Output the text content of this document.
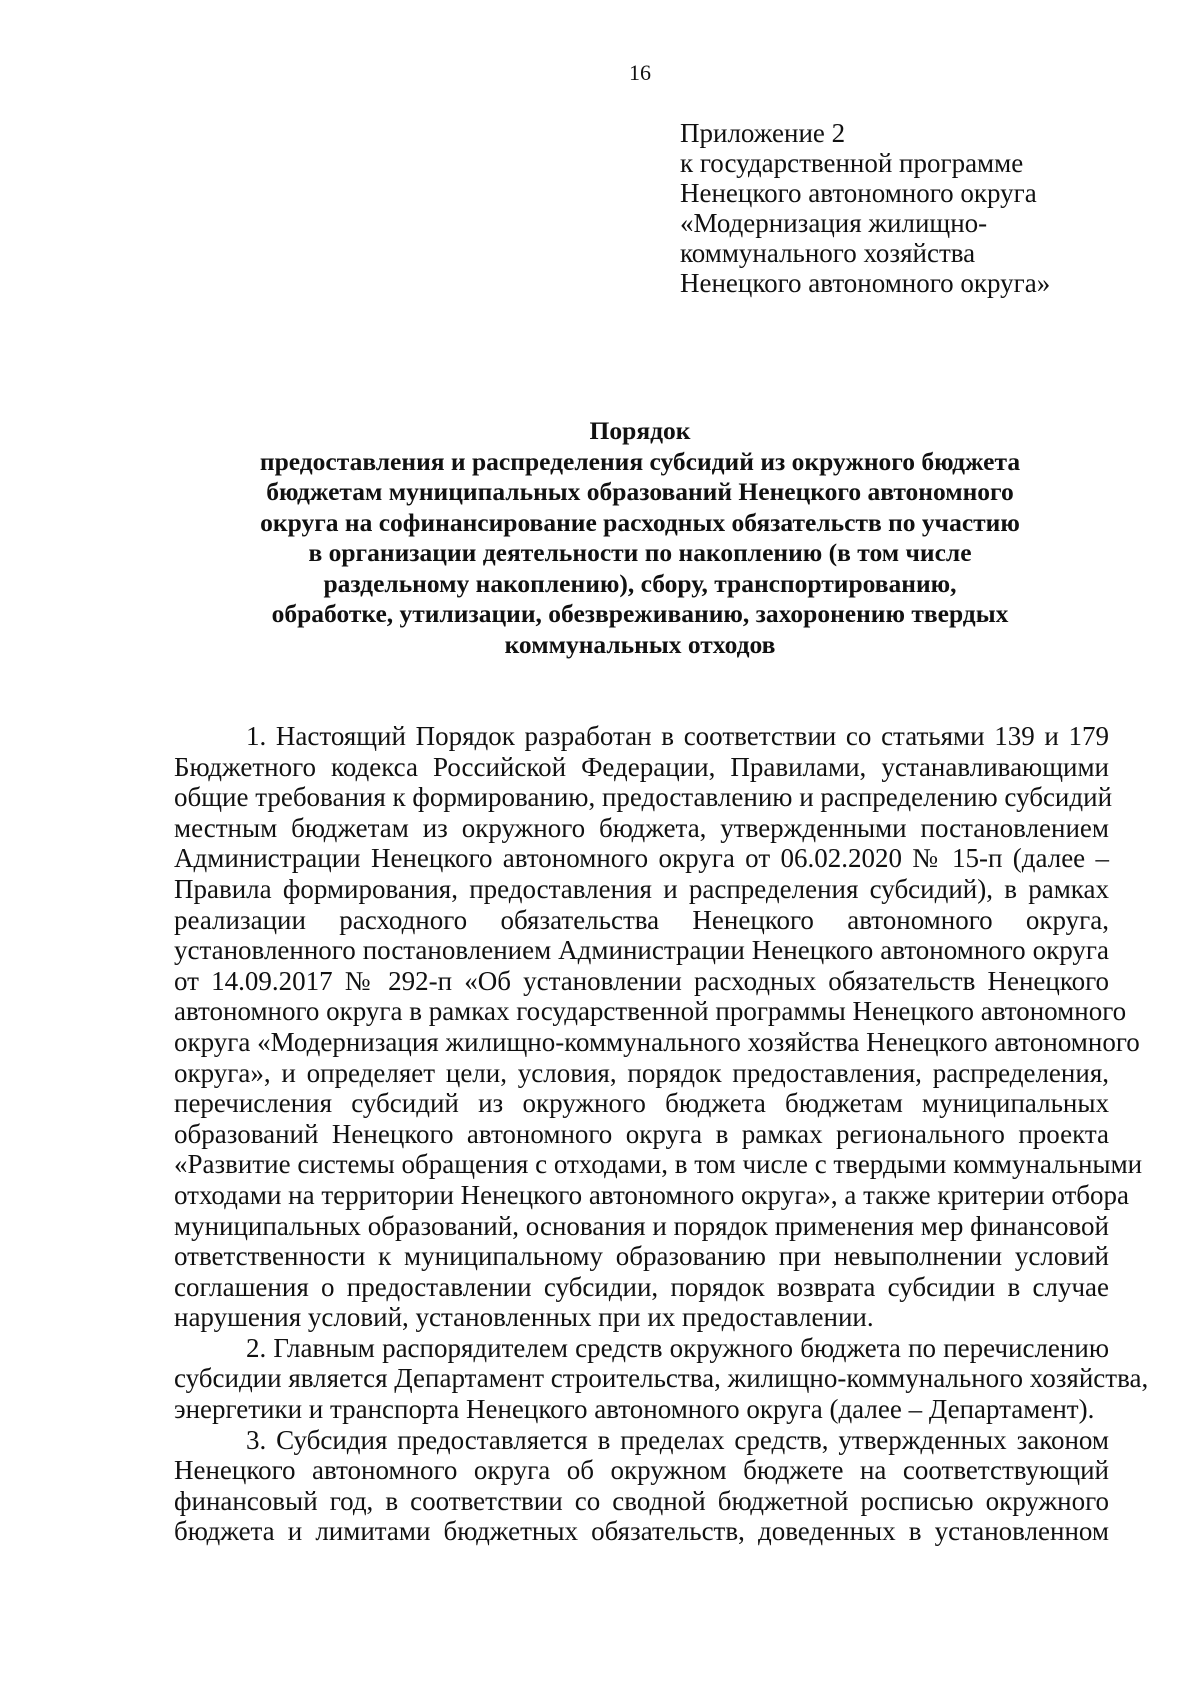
16
Приложение 2
к государственной программе
Ненецкого автономного округа
«Модернизация жилищно-
коммунального хозяйства
Ненецкого автономного округа»
Порядок
предоставления и распределения субсидий из окружного бюджета
бюджетам муниципальных образований Ненецкого автономного
округа на софинансирование расходных обязательств по участию
в организации деятельности по накоплению (в том числе
раздельному накоплению), сбору, транспортированию,
обработке, утилизации, обезвреживанию, захоронению твердых
коммунальных отходов
1. Настоящий Порядок разработан в соответствии со статьями 139 и 179
Бюджетного кодекса Российской Федерации, Правилами, устанавливающими
общие требования к формированию, предоставлению и распределению субсидий
местным бюджетам из окружного бюджета, утвержденными постановлением
Администрации Ненецкого автономного округа от 06.02.2020 № 15-п (далее –
Правила формирования, предоставления и распределения субсидий), в рамках
реализации расходного обязательства Ненецкого автономного округа,
установленного постановлением Администрации Ненецкого автономного округа
от 14.09.2017 № 292-п «Об установлении расходных обязательств Ненецкого
автономного округа в рамках государственной программы Ненецкого автономного
округа «Модернизация жилищно-коммунального хозяйства Ненецкого автономного
округа», и определяет цели, условия, порядок предоставления, распределения,
перечисления субсидий из окружного бюджета бюджетам муниципальных
образований Ненецкого автономного округа в рамках регионального проекта
«Развитие системы обращения с отходами, в том числе с твердыми коммунальными
отходами на территории Ненецкого автономного округа», а также критерии отбора
муниципальных образований, основания и порядок применения мер финансовой
ответственности к муниципальному образованию при невыполнении условий
соглашения о предоставлении субсидии, порядок возврата субсидии в случае
нарушения условий, установленных при их предоставлении.
2. Главным распорядителем средств окружного бюджета по перечислению
субсидии является Департамент строительства, жилищно-коммунального хозяйства,
энергетики и транспорта Ненецкого автономного округа (далее – Департамент).
3. Субсидия предоставляется в пределах средств, утвержденных законом
Ненецкого автономного округа об окружном бюджете на соответствующий
финансовый год, в соответствии со сводной бюджетной росписью окружного
бюджета и лимитами бюджетных обязательств, доведенных в установленном
